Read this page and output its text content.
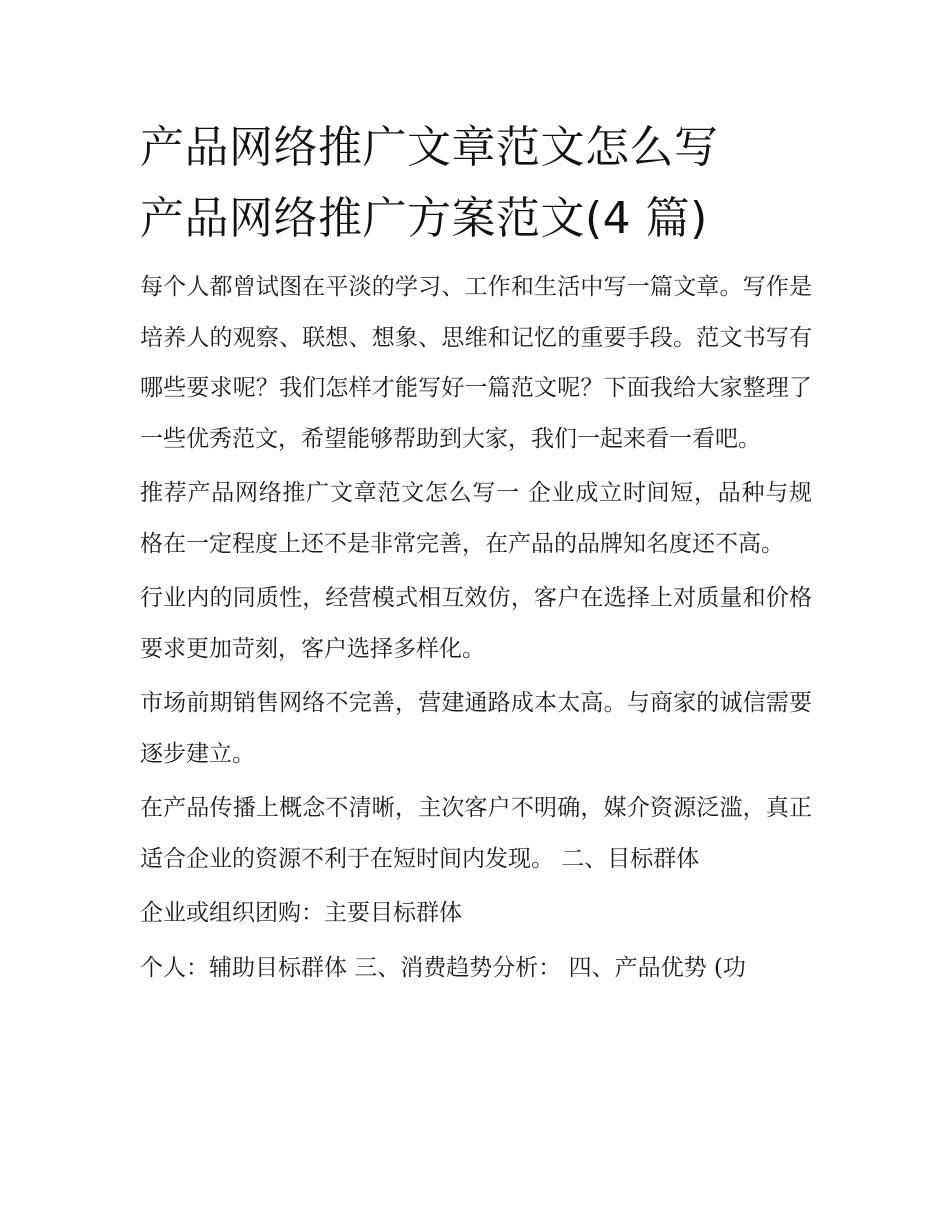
产品网络推广文章范文怎么写
产品网络推广方案范文(4 篇)

每个人都曾试图在平淡的学习、工作和生活中写一篇文章。写作是培养人的观察、联想、想象、思维和记忆的重要手段。范文书写有哪些要求呢？我们怎样才能写好一篇范文呢？下面我给大家整理了一些优秀范文，希望能够帮助到大家，我们一起来看一看吧。

推荐产品网络推广文章范文怎么写一 企业成立时间短，品种与规格在一定程度上还不是非常完善，在产品的品牌知名度还不高。

行业内的同质性，经营模式相互效仿，客户在选择上对质量和价格要求更加苛刻，客户选择多样化。

市场前期销售网络不完善，营建通路成本太高。与商家的诚信需要逐步建立。

在产品传播上概念不清晰，主次客户不明确，媒介资源泛滥，真正适合企业的资源不利于在短时间内发现。 二、目标群体

企业或组织团购：主要目标群体

个人：辅助目标群体 三、消费趋势分析： 四、产品优势 (功
